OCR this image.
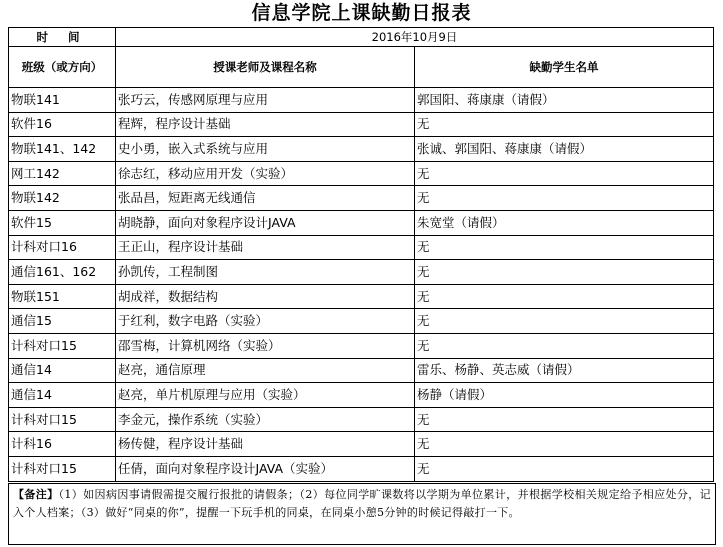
信息学院上课缺勤日报表
时 间	2016年10月9日	
班级（或方向）	授课老师及课程名称	缺勤学生名单
物联141	张巧云，传感网原理与应用	郭国阳、蒋康康（请假）
软件16	程辉，程序设计基础	无
物联141、142	史小勇，嵌入式系统与应用	张诚、郭国阳、蒋康康（请假）
网工142	徐志红，移动应用开发（实验）	无
物联142	张品昌，短距离无线通信	无
软件15	胡晓静，面向对象程序设计JAVA	朱宽堂（请假）
计科对口16	王正山，程序设计基础	无
通信161、162	孙凯传，工程制图	无
物联151	胡成祥，数据结构	无
通信15	于红利，数字电路（实验）	无
计科对口15	邵雪梅，计算机网络（实验）	无
通信14	赵亮，通信原理	雷乐、杨静、英志威（请假）
通信14	赵亮，单片机原理与应用（实验）	杨静（请假）
计科对口15	李金元，操作系统（实验）	无
计科16	杨传健，程序设计基础	无
计科对口15	任倩，面向对象程序设计JAVA（实验）	无
【备注】（1）如因病因事请假需提交履行报批的请假条；（2）每位同学旷课数将以学期为单位累计，并根据学校相关规定给予相应处分，记入个人档案；（3）做好“同桌的你”，提醒一下玩手机的同桌，在同桌小憩5分钟的时候记得敲打一下。
